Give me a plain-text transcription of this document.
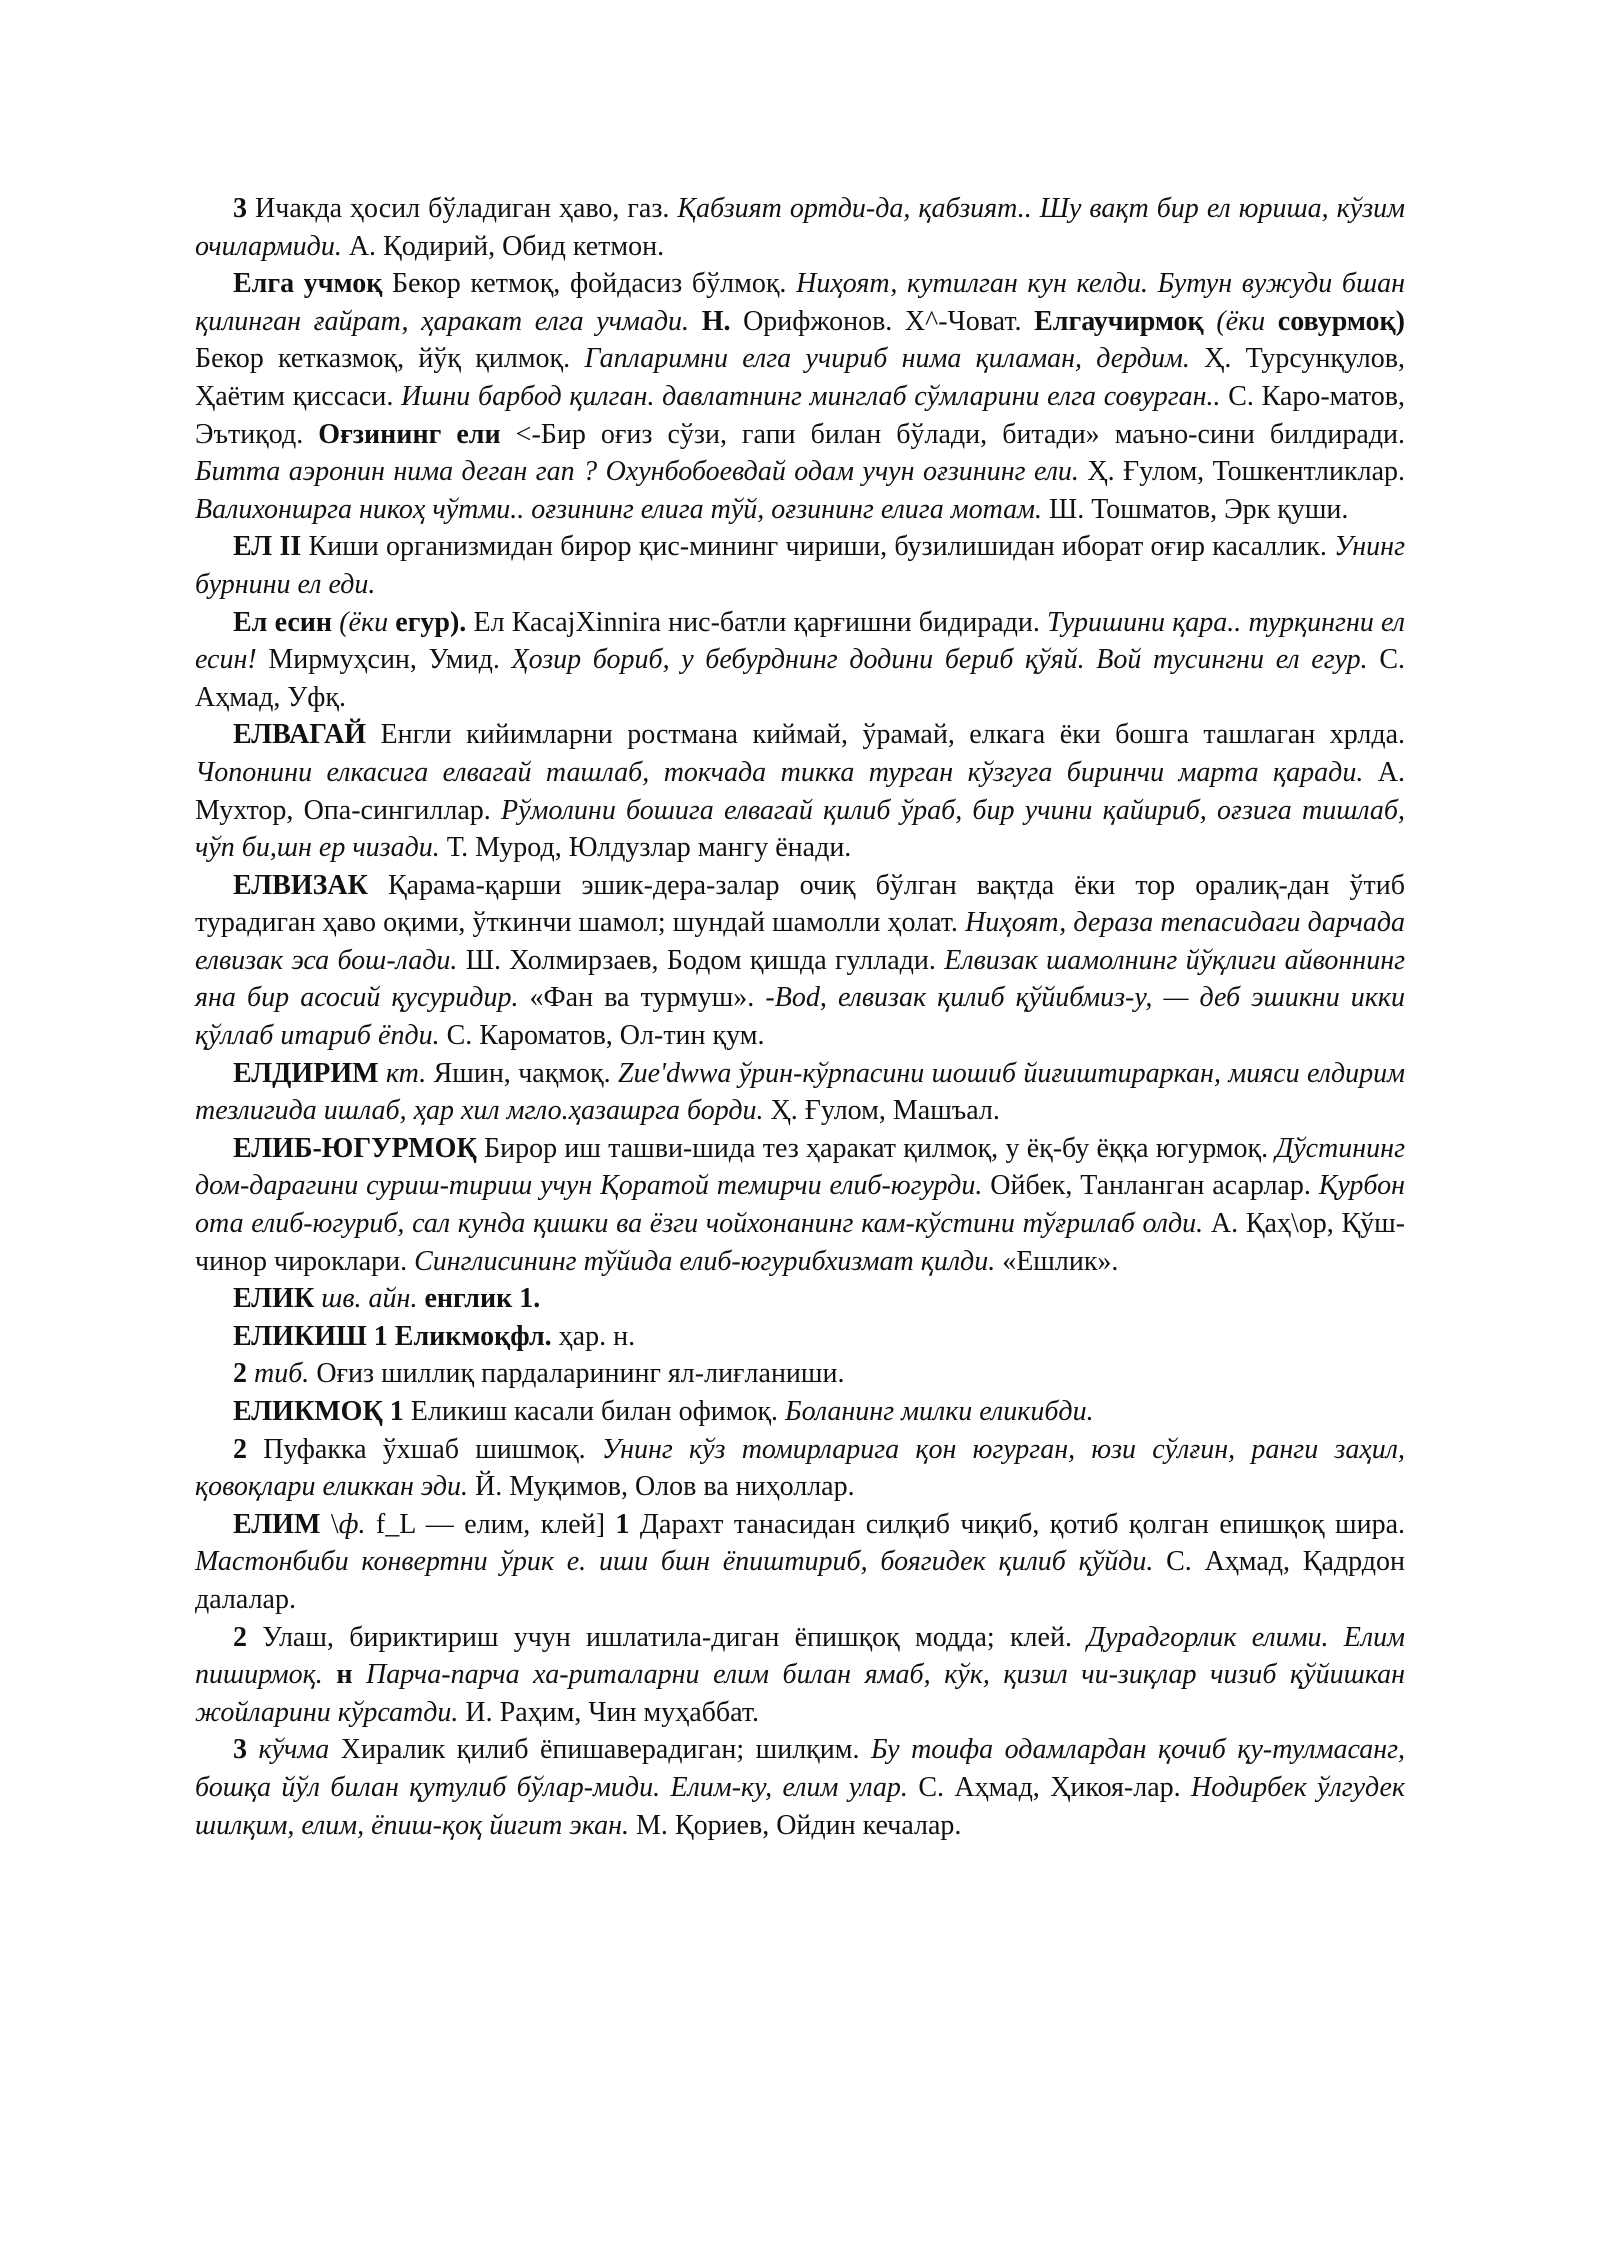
3 Ичакда ҳосил бўладиган ҳаво, газ. Қабзият ортди-да, қабзият.. Шу вақт бир ел юриша, кўзим очилармиди. А. Қодирий, Обид кетмон.

Елга учмоқ Бекор кетмоқ, фойдасиз бўлмоқ. Ниҳоят, кутилган кун келди. Бутун вужуди бшан қилинган ғайрат, ҳаракат елга учмади. Н. Орифжонов. Х^-Човат. Елгаучирмоқ (ёки совурмоқ) Бекор кетказмоқ, йўқ қилмоқ. Гапларимни елга учириб нима қиламан, дердим. Ҳ. Турсунқулов, Ҳаётим қиссаси. Ишни барбод қилган. давлатнинг минглаб сўмларини елга совурган.. С. Каро-матов, Эътиқод. Оғзининг ели <-Бир оғиз сўзи, гапи билан бўлади, битади» маъно-сини билдиради. Битта аэронин нима деган гап ? Охунбобоевдай одам учун оғзининг ели. Ҳ. Ғулом, Тошкентликлар. Валихоншрга никоҳ чўтми.. оғзининг елига тўй, оғзининг елига мотам. Ш. Тошматов, Эрк қуши.

ЕЛ II Киши организмидан бирор қис-мининг чириши, бузилишидан иборат оғир касаллик. Унинг бурнини ел еди.

Ел есин (ёки егур). Ел КасаjXinnira нис-батли қарғишни бидиради. Туришини қара.. турқингни ел есин! Мирмуҳсин, Умид. Ҳозир бориб, у бебурднинг додини бериб қўяй. Вой тусингни ел егур. С. Аҳмад, Уфқ.

ЕЛВАГАЙ Енгли кийимларни ростмана киймай, ўрамай, елкага ёки бошга ташлаган хрлда. Чопонини елкасига елвагай ташлаб, токчада тикка турган кўзгуга биринчи марта қаради. А. Мухтор, Опа-сингиллар. Рўмолини бошига елвагай қилиб ўраб, бир учини қайириб, оғзига тишлаб, чўп би,шн ер чизади. Т. Мурод, Юлдузлар мангу ёнади.

ЕЛВИЗАК Қарама-қарши эшик-дера-залар очиқ бўлган вақтда ёки тор оралиқ-дан ўтиб турадиган ҳаво оқими, ўткинчи шамол; шундай шамолли ҳолат. Ниҳоят, дераза тепасидаги дарчада елвизак эса бош-лади. Ш. Холмирзаев, Бодом қишда гуллади. Елвизак шамолнинг йўқлиги айвоннинг яна бир асосий қусуридир. «Фан ва турмуш». -Bod, елвизак қилиб қўйибмиз-у, — деб эшикни икки қўллаб итариб ёпди. С. Кароматов, Ол-тин қум.

ЕЛДИРИМ кт. Яшин, чақмоқ. Zue'dwwa ўрин-кўрпасини шошиб йиғиштираркан, мияси елдирим тезлигида ишлаб, ҳар хил мгло.ҳазашрга борди. Ҳ. Ғулом, Машъал.

ЕЛИБ-ЮГУРМОҚ Бирор иш ташви-шида тез ҳаракат қилмоқ, у ёқ-бу ёққа югурмоқ. Дўстининг дом-дарагини суриш-тириш учун Қоратой темирчи елиб-югурди. Ойбек, Танланган асарлар. Қурбон ота елиб-югуриб, сал кунда қишки ва ёзги чойхонанинг кам-кўстини тўғрилаб олди. А. Қаҳ\ор, Қўш-чинор чироклари. Синглисининг тўйида елиб-югурибхизмат қилди. «Ешлик».

ЕЛИК шв. айн. енглик 1.

ЕЛИКИШ 1 Еликмоқфл. ҳар. н.

2 тиб. Оғиз шиллиқ пардаларининг ял-лиғланиши.

ЕЛИКМОҚ 1 Еликиш касали билан офимоқ. Боланинг милки еликибди.

2 Пуфакка ўхшаб шишмоқ. Унинг кўз томирларига қон югурган, юзи сўлғин, ранги заҳил, қовоқлари еликкан эди. Й. Муқимов, Олов ва ниҳоллар.

ЕЛИМ \ф. f_L — елим, клей] 1 Дарахт танасидан силқиб чиқиб, қотиб қолган епишқоқ шира. Мастонбиби конвертни ўрик е. иши бшн ёпиштириб, боягидек қилиб қўйди. С. Аҳмад, Қадрдон далалар.

2 Улаш, бириктириш учун ишлатила-диган ёпишқоқ модда; клей. Дурадгорлик елими. Елим пиширмоқ. н Парча-парча ха-риталарни елим билан ямаб, кўк, қизил чи-зиқлар чизиб қўйишкан жойларини кўрсатди. И. Раҳим, Чин муҳаббат.

3 кўчма Хиралик қилиб ёпишаверадиган; шилқим. Бу тоифа одамлардан қочиб қу-тулмасанг, бошқа йўл билан қутулиб бўлар-миди. Елим-ку, елим улар. С. Аҳмад, Ҳикоя-лар. Нодирбек ўлгудек шилқим, елим, ёпиш-қоқ йигит экан. М. Қориев, Ойдин кечалар.
